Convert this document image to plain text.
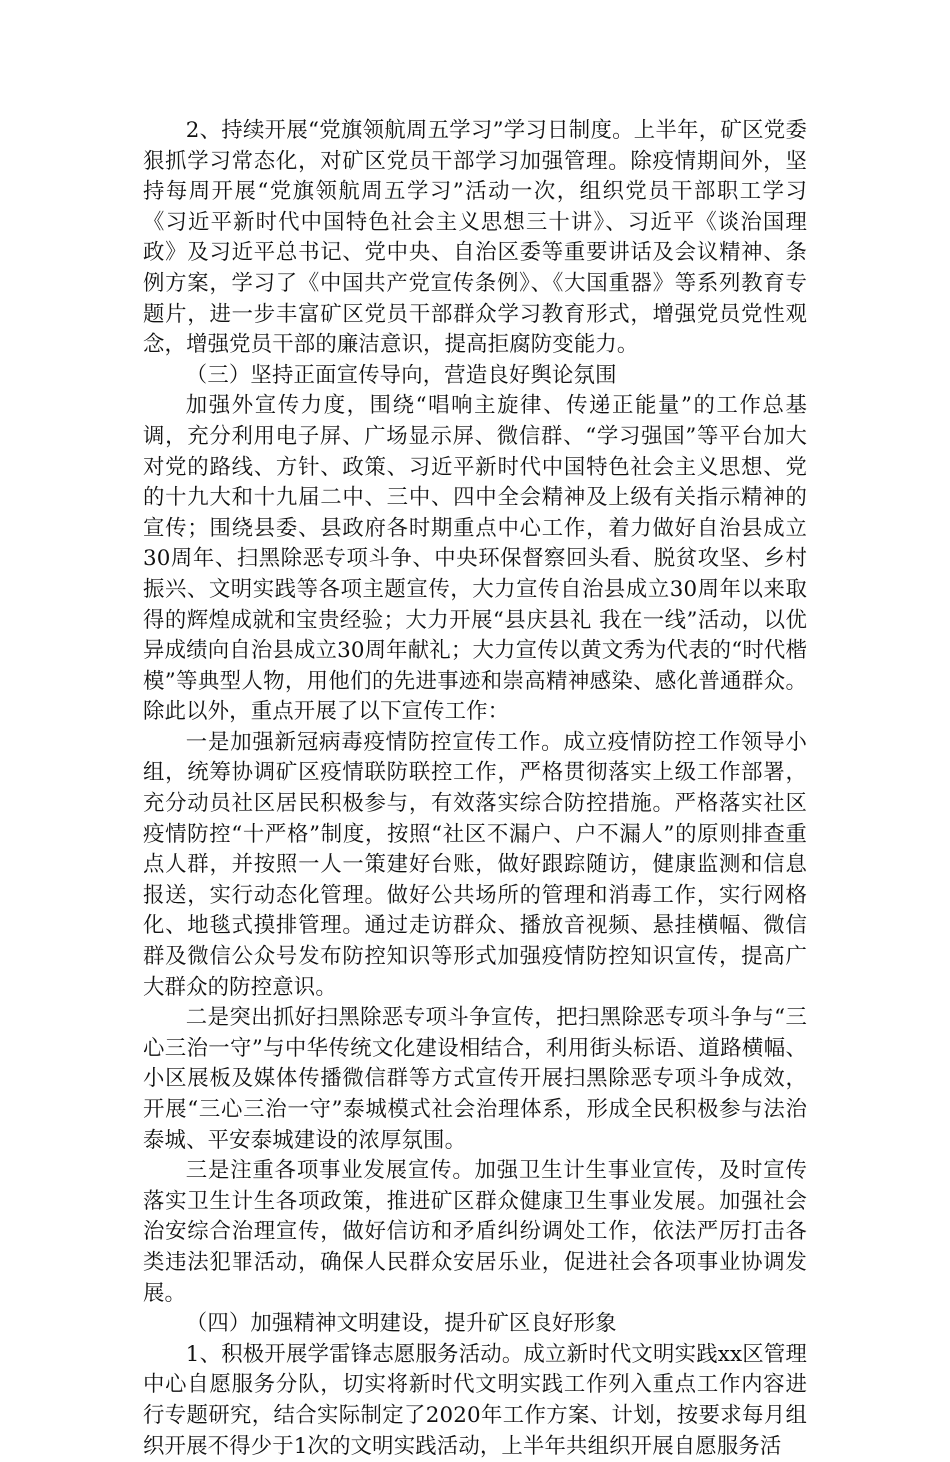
2、持续开展“党旗领航周五学习”学习日制度。上半年，矿区党委狠抓学习常态化，对矿区党员干部学习加强管理。除疫情期间外，坚持每周开展“党旗领航周五学习”活动一次，组织党员干部职工学习《习近平新时代中国特色社会主义思想三十讲》、习近平《谈治国理政》及习近平总书记、党中央、自治区委等重要讲话及会议精神、条例方案，学习了《中国共产党宣传条例》、《大国重器》等系列教育专题片，进一步丰富矿区党员干部群众学习教育形式，增强党员党性观念，增强党员干部的廉洁意识，提高拒腐防变能力。

（三）坚持正面宣传导向，营造良好舆论氛围

加强外宣传力度，围绕“唱响主旋律、传递正能量”的工作总基调，充分利用电子屏、广场显示屏、微信群、“学习强国”等平台加大对党的路线、方针、政策、习近平新时代中国特色社会主义思想、党的十九大和十九届二中、三中、四中全会精神及上级有关指示精神的宣传；围绕县委、县政府各时期重点中心工作，着力做好自治县成立30周年、扫黑除恶专项斗争、中央环保督察回头看、脱贫攻坚、乡村振兴、文明实践等各项主题宣传，大力宣传自治县成立30周年以来取得的辉煌成就和宝贵经验；大力开展“县庆县礼 我在一线”活动，以优异成绩向自治县成立30周年献礼；大力宣传以黄文秀为代表的“时代楷模”等典型人物，用他们的先进事迹和崇高精神感染、感化普通群众。除此以外，重点开展了以下宣传工作：

一是加强新冠病毒疫情防控宣传工作。成立疫情防控工作领导小组，统筹协调矿区疫情联防联控工作，严格贯彻落实上级工作部署，充分动员社区居民积极参与，有效落实综合防控措施。严格落实社区疫情防控“十严格”制度，按照“社区不漏户、户不漏人”的原则排查重点人群，并按照一人一策建好台账，做好跟踪随访，健康监测和信息报送，实行动态化管理。做好公共场所的管理和消毒工作，实行网格化、地毯式摸排管理。通过走访群众、播放音视频、悬挂横幅、微信群及微信公众号发布防控知识等形式加强疫情防控知识宣传，提高广大群众的防控意识。

二是突出抓好扫黑除恶专项斗争宣传，把扫黑除恶专项斗争与“三心三治一守”与中华传统文化建设相结合，利用街头标语、道路横幅、小区展板及媒体传播微信群等方式宣传开展扫黑除恶专项斗争成效，开展“三心三治一守”泰城模式社会治理体系，形成全民积极参与法治泰城、平安泰城建设的浓厚氛围。

三是注重各项事业发展宣传。加强卫生计生事业宣传，及时宣传落实卫生计生各项政策，推进矿区群众健康卫生事业发展。加强社会治安综合治理宣传，做好信访和矛盾纠纷调处工作，依法严厉打击各类违法犯罪活动，确保人民群众安居乐业，促进社会各项事业协调发展。

（四）加强精神文明建设，提升矿区良好形象

1、积极开展学雷锋志愿服务活动。成立新时代文明实践xx区管理中心自愿服务分队，切实将新时代文明实践工作列入重点工作内容进行专题研究，结合实际制定了2020年工作方案、计划，按要求每月组织开展不得少于1次的文明实践活动，上半年共组织开展自愿服务活
